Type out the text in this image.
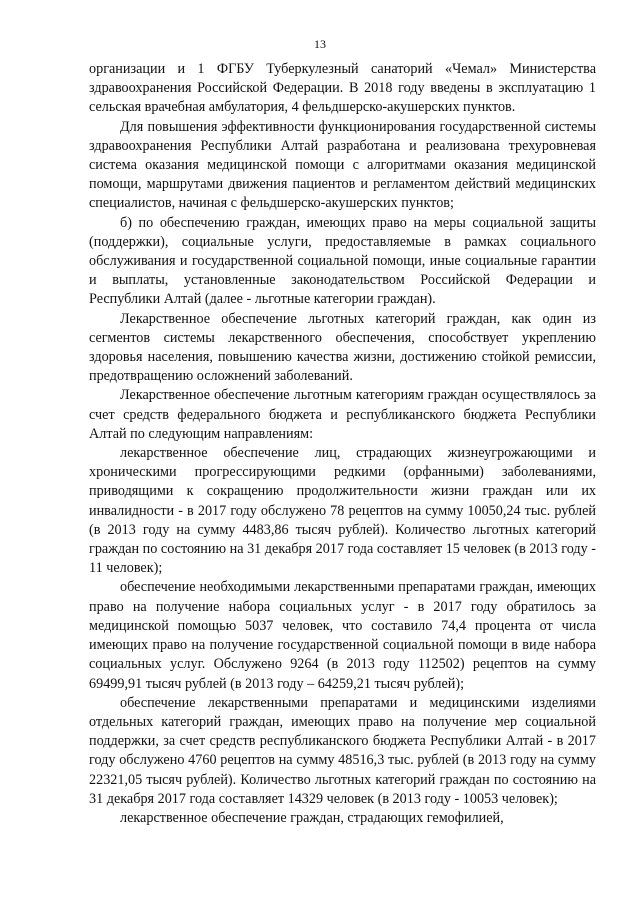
13

организации и 1 ФГБУ Туберкулезный санаторий «Чемал» Министерства здравоохранения Российской Федерации. В 2018 году введены в эксплуатацию 1 сельская врачебная амбулатория, 4 фельдшерско-акушерских пунктов.

Для повышения эффективности функционирования государственной системы здравоохранения Республики Алтай разработана и реализована трехуровневая система оказания медицинской помощи с алгоритмами оказания медицинской помощи, маршрутами движения пациентов и регламентом действий медицинских специалистов, начиная с фельдшерско-акушерских пунктов;

б) по обеспечению граждан, имеющих право на меры социальной защиты (поддержки), социальные услуги, предоставляемые в рамках социального обслуживания и государственной социальной помощи, иные социальные гарантии и выплаты, установленные законодательством Российской Федерации и Республики Алтай (далее - льготные категории граждан).

Лекарственное обеспечение льготных категорий граждан, как один из сегментов системы лекарственного обеспечения, способствует укреплению здоровья населения, повышению качества жизни, достижению стойкой ремиссии, предотвращению осложнений заболеваний.

Лекарственное обеспечение льготным категориям граждан осуществлялось за счет средств федерального бюджета и республиканского бюджета Республики Алтай по следующим направлениям:

лекарственное обеспечение лиц, страдающих жизнеугрожающими и хроническими прогрессирующими редкими (орфанными) заболеваниями, приводящими к сокращению продолжительности жизни граждан или их инвалидности - в 2017 году обслужено 78 рецептов на сумму 10050,24 тыс. рублей (в 2013 году на сумму 4483,86 тысяч рублей). Количество льготных категорий граждан по состоянию на 31 декабря 2017 года составляет 15 человек (в 2013 году - 11 человек);

обеспечение необходимыми лекарственными препаратами граждан, имеющих право на получение набора социальных услуг - в 2017 году обратилось за медицинской помощью 5037 человек, что составило 74,4 процента от числа имеющих право на получение государственной социальной помощи в виде набора социальных услуг. Обслужено 9264 (в 2013 году 112502) рецептов на сумму 69499,91 тысяч рублей (в 2013 году – 64259,21 тысяч рублей);

обеспечение лекарственными препаратами и медицинскими изделиями отдельных категорий граждан, имеющих право на получение мер социальной поддержки, за счет средств республиканского бюджета Республики Алтай - в 2017 году обслужено 4760 рецептов на сумму 48516,3 тыс. рублей (в 2013 году на сумму 22321,05 тысяч рублей). Количество льготных категорий граждан по состоянию на 31 декабря 2017 года составляет 14329 человек (в 2013 году - 10053 человек);

лекарственное обеспечение граждан, страдающих гемофилией,
